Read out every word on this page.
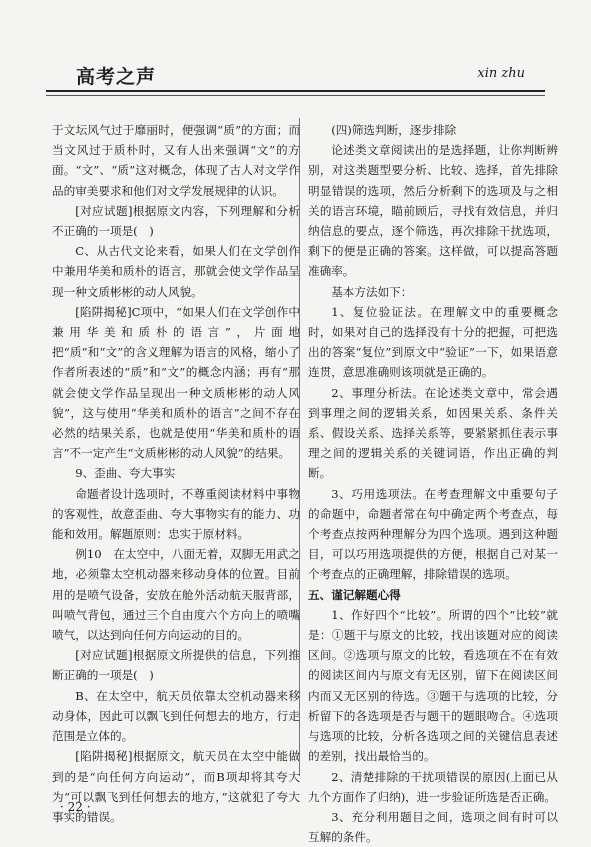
高考之声	xin zhu

于文坛风气过于靡丽时，便强调“质”的方面；而当文风过于质朴时，又有人出来强调“文”的方面。“文”、“质”这对概念，体现了古人对文学作品的审美要求和他们对文学发展规律的认识。

[对应试题]根据原文内容，下列理解和分析不正确的一项是(　)

C、从古代文论来看，如果人们在文学创作中兼用华美和质朴的语言，那就会使文学作品呈现一种文质彬彬的动人风貌。

[陷阱揭秘]C项中，“如果人们在文学创作中兼用华美和质朴的语言”，片面地把“质”和“文”的含义理解为语言的风格，缩小了作者所表述的“质”和“文”的概念内涵；再有“那就会使文学作品呈现出一种文质彬彬的动人风貌”，这与使用“华美和质朴的语言”之间不存在必然的结果关系，也就是使用“华美和质朴的语言”不一定产生“文质彬彬的动人风貌”的结果。

9、歪曲、夸大事实

命题者设计选项时，不尊重阅读材料中事物的客观性，故意歪曲、夸大事物实有的能力、功能和效用。解题原则：忠实于原材料。

例10　在太空中，八面无着，双脚无用武之地，必须靠太空机动器来移动身体的位置。目前用的是喷气设备，安放在舱外活动航天服背部，叫喷气背包，通过三个自由度六个方向上的喷嘴喷气，以达到向任何方向运动的目的。

[对应试题]根据原文所提供的信息，下列推断正确的一项是(　)

B、在太空中，航天员依靠太空机动器来移动身体，因此可以飘飞到任何想去的地方，行走范围是立体的。

[陷阱揭秘]根据原文，航天员在太空中能做到的是“向任何方向运动”，而B项却将其夸大为“可以飘飞到任何想去的地方，”这就犯了夸大事实的错误。

(四)筛选判断，逐步排除

论述类文章阅读出的是选择题，让你判断辨别，对这类题型要分析、比较、选择，首先排除明显错误的选项，然后分析剩下的选项及与之相关的语言环境，瞄前顾后，寻找有效信息，并归纳信息的要点，逐个筛选，再次排除干扰选项，剩下的便是正确的答案。这样做，可以提高答题准确率。

基本方法如下：

1、复位验证法。在理解文中的重要概念时，如果对自己的选择没有十分的把握，可把选出的答案“复位”到原文中“验证”一下，如果语意连贯，意思准确则该项就是正确的。

2、事理分析法。在论述类文章中，常会遇到事理之间的逻辑关系，如因果关系、条件关系、假设关系、选择关系等，要紧紧抓住表示事理之间的逻辑关系的关键词语，作出正确的判断。

3、巧用选项法。在考查理解文中重要句子的命题中，命题者常在句中确定两个考查点，每个考查点按两种理解分为四个选项。遇到这种题目，可以巧用选项提供的方便，根据自己对某一个考查点的正确理解，排除错误的选项。

五、谨记解题心得

1、作好四个“比较”。所谓的四个“比较”就是：①题干与原文的比较，找出该题对应的阅读区间。②选项与原文的比较，看选项在不在有效的阅读区间内与原文有无区别，留下在阅读区间内而又无区别的待选。③题干与选项的比较，分析留下的各选项是否与题干的题眼吻合。④选项与选项的比较，分析各选项之间的关键信息表述的差别，找出最恰当的。

2、清楚排除的干扰项错误的原因(上面已从九个方面作了归纳)，进一步验证所选是否正确。

3、充分利用题目之间，选项之间有时可以互解的条件。

· 22 ·
